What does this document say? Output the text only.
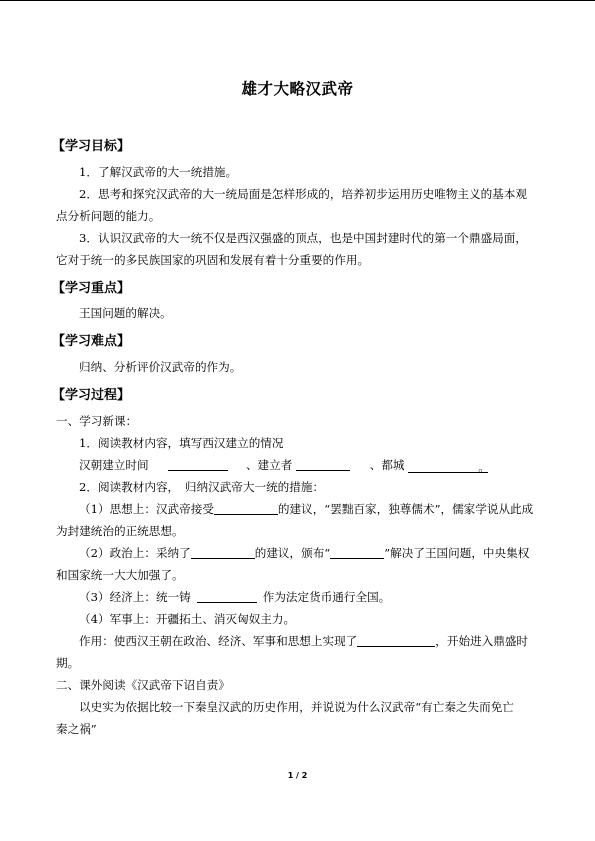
雄才大略汉武帝
【学习目标】
1．了解汉武帝的大一统措施。
2．思考和探究汉武帝的大一统局面是怎样形成的，培养初步运用历史唯物主义的基本观
点分析问题的能力。
3．认识汉武帝的大一统不仅是西汉强盛的顶点，也是中国封建时代的第一个鼎盛局面，
它对于统一的多民族国家的巩固和发展有着十分重要的作用。
【学习重点】
王国问题的解决。
【学习难点】
归纳、分析评价汉武帝的作为。
【学习过程】
一、学习新课：
1．阅读教材内容，填写西汉建立的情况
汉朝建立时间	、建立者	、都城	。
2．阅读教材内容，　归纳汉武帝大一统的措施：
（1）思想上：汉武帝接受	的建议，“罢黜百家，独尊儒术”，儒家学说从此成
为封建统治的正统思想。
（2）政治上：采纳了	的建议，颁布“	”解决了王国问题，中央集权
和国家统一大大加强了。
（3）经济上：统一铸	作为法定货币通行全国。
（4）军事上：开疆拓土、消灭匈奴主力。
作用：使西汉王朝在政治、经济、军事和思想上实现了	，开始进入鼎盛时
期。
二、课外阅读《汉武帝下诏自责》
以史实为依据比较一下秦皇汉武的历史作用，并说说为什么汉武帝“有亡秦之失而免亡
秦之祸”
1 / 2
